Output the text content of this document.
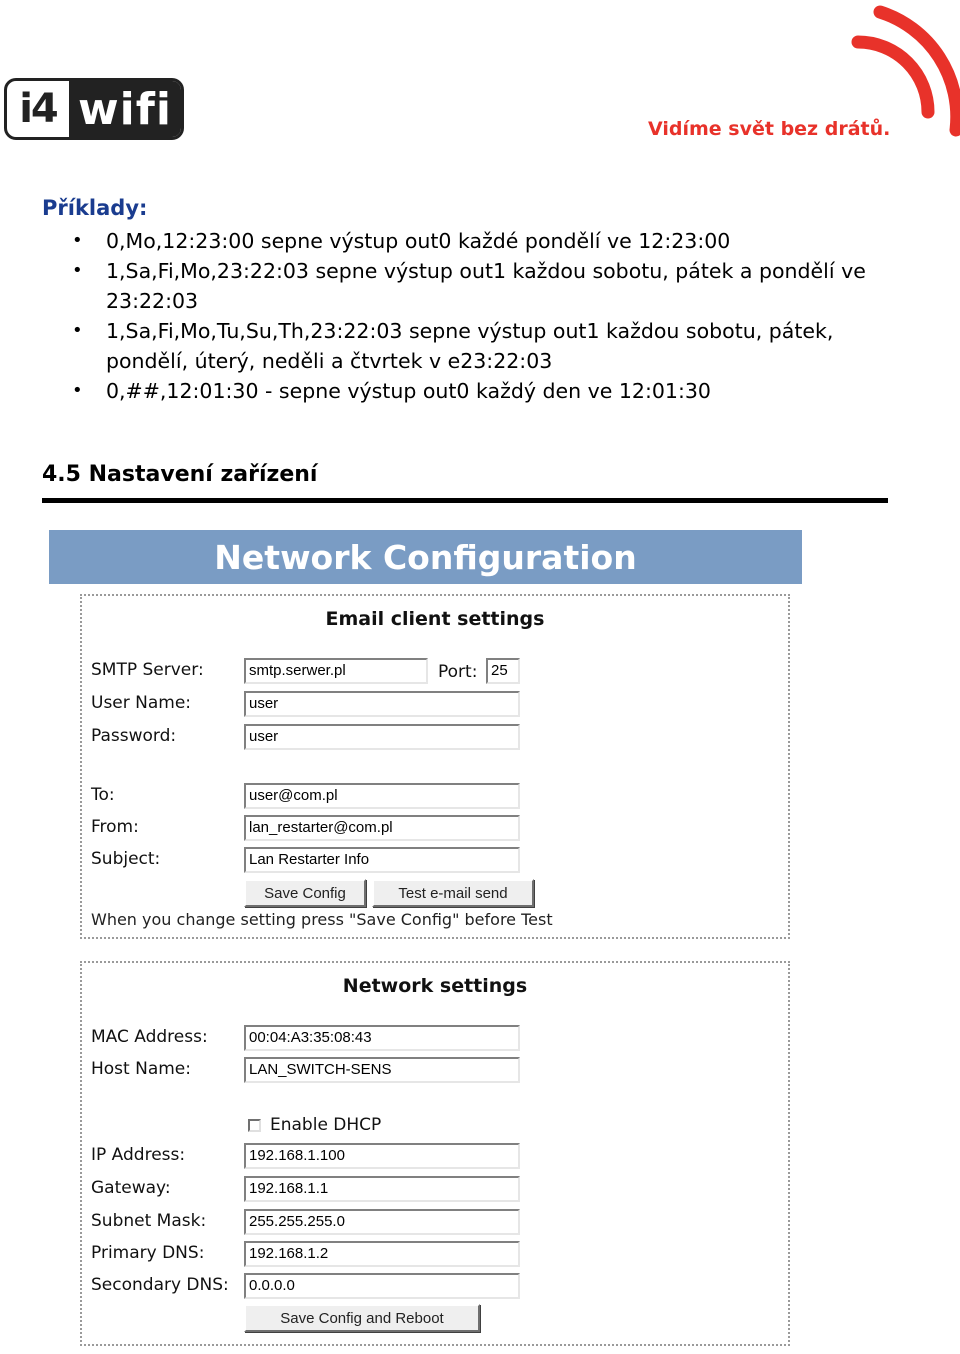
i4 wifi	Vidíme svět bez drátů.
Příklady:
• 0,Mo,12:23:00 sepne výstup out0 každé pondělí ve 12:23:00
• 1,Sa,Fi,Mo,23:22:03 sepne výstup out1 každou sobotu, pátek a pondělí ve 23:22:03
• 1,Sa,Fi,Mo,Tu,Su,Th,23:22:03 sepne výstup out1 každou sobotu, pátek, pondělí, úterý, neděli a čtvrtek v e23:22:03
• 0,##,12:01:30 - sepne výstup out0 každý den ve 12:01:30
4.5 Nastavení zařízení
Network Configuration
Email client settings
SMTP Server:	smtp.serwer.pl	Port: 25
User Name:	user
Password:	user
To:	user@com.pl
From:	lan_restarter@com.pl
Subject:	Lan Restarter Info
Save Config	Test e-mail send
When you change setting press "Save Config" before Test
Network settings
MAC Address:	00:04:A3:35:08:43
Host Name:	LAN_SWITCH-SENS
Enable DHCP
IP Address:	192.168.1.100
Gateway:	192.168.1.1
Subnet Mask:	255.255.255.0
Primary DNS:	192.168.1.2
Secondary DNS:	0.0.0.0
Save Config and Reboot
